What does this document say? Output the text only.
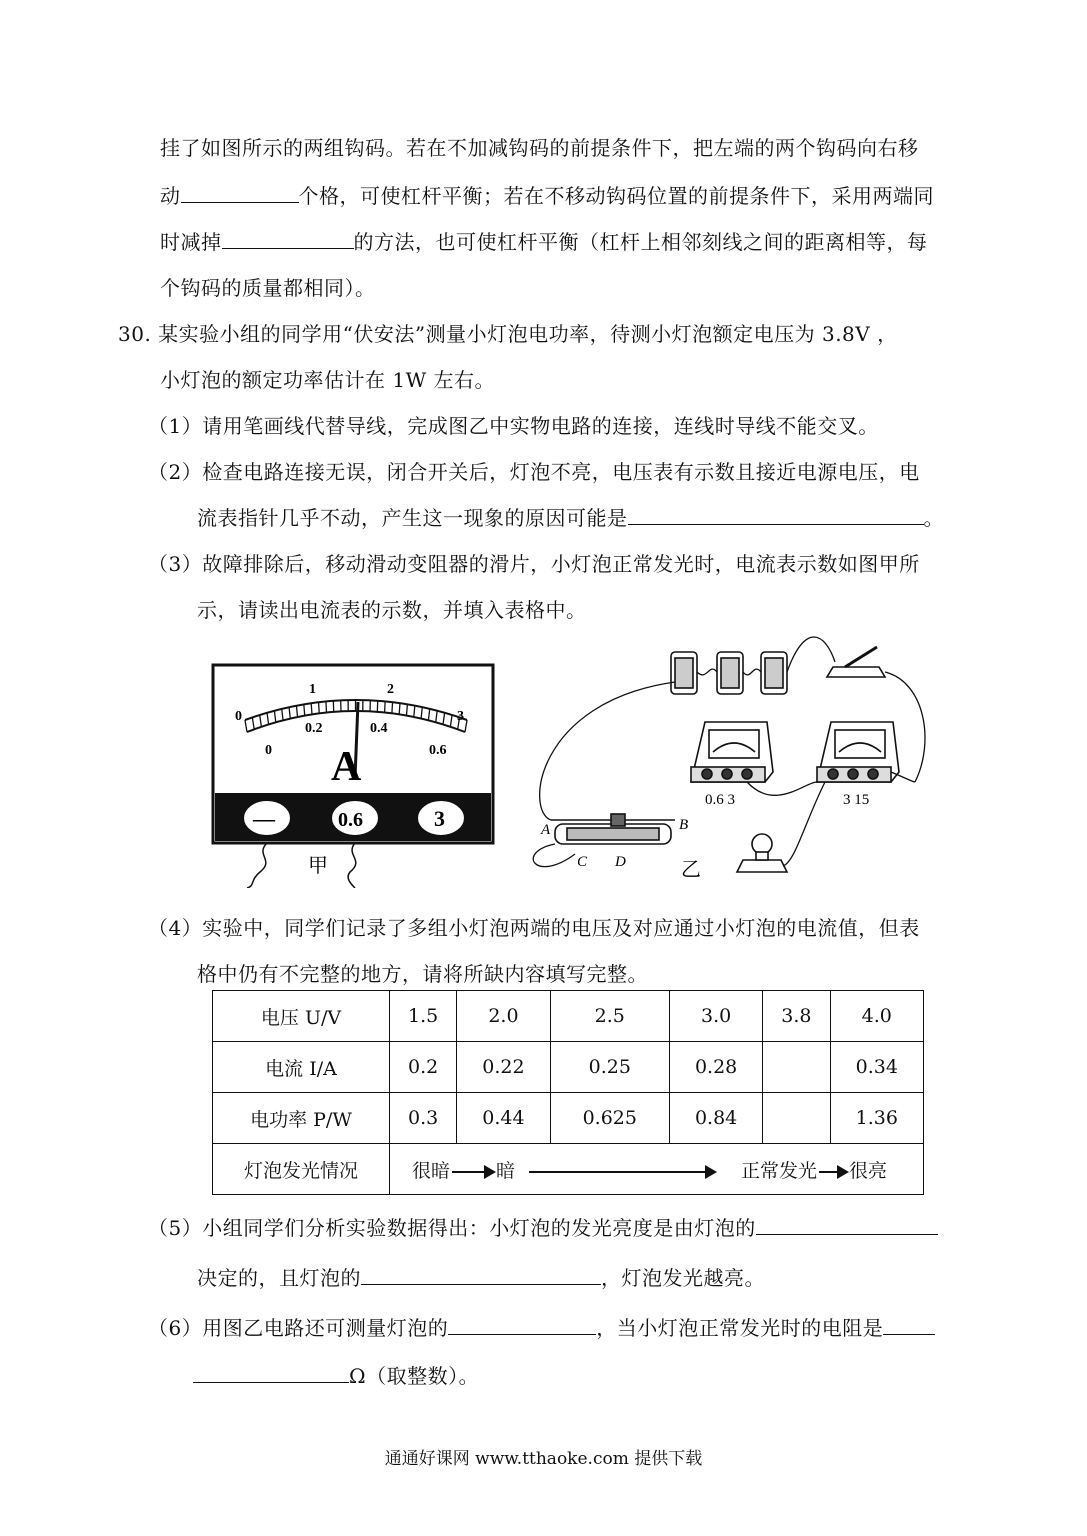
挂了如图所示的两组钩码。若在不加减钩码的前提条件下，把左端的两个钩码向右移
动	个格，可使杠杆平衡；若在不移动钩码位置的前提条件下，采用两端同
时减掉	的方法，也可使杠杆平衡（杠杆上相邻刻线之间的距离相等，每
个钩码的质量都相同）。
30. 某实验小组的同学用“伏安法”测量小灯泡电功率，待测小灯泡额定电压为 3.8V ，
小灯泡的额定功率估计在 1W 左右。
（1）请用笔画线代替导线，完成图乙中实物电路的连接，连线时导线不能交叉。
（2）检查电路连接无误，闭合开关后，灯泡不亮，电压表有示数且接近电源电压，电
流表指针几乎不动，产生这一现象的原因可能是	。
（3）故障排除后，移动滑动变阻器的滑片，小灯泡正常发光时，电流表示数如图甲所
示，请读出电流表的示数，并填入表格中。
0
1	2
3
0
0.2	0.4
0.6
A
—	0.6	3
甲
0.6 3	3 15
A	B
C D	乙
（4）实验中，同学们记录了多组小灯泡两端的电压及对应通过小灯泡的电流值，但表
格中仍有不完整的地方，请将所缺内容填写完整。
电压 U/V	1.5	2.0	2.5	3.0	3.8	4.0
电流 I/A	0.2	0.22	0.25	0.28		0.34
电功率 P/W	0.3	0.44	0.625	0.84		1.36
灯泡发光情况	很暗 暗 正常发光 很亮					
（5）小组同学们分析实验数据得出：小灯泡的发光亮度是由灯泡的
决定的，且灯泡的	，灯泡发光越亮。
（6）用图乙电路还可测量灯泡的	，当小灯泡正常发光时的电阻是
Ω（取整数）。
通通好课网 www.tthaoke.com 提供下载
